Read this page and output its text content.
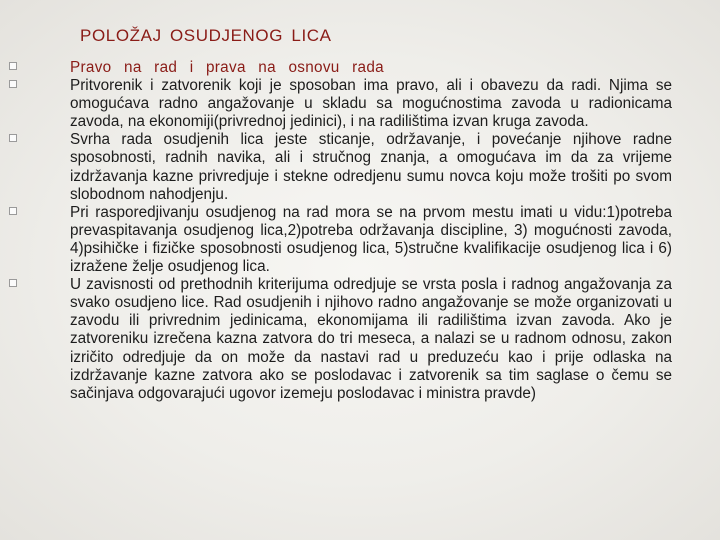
POLOŽAJ OSUDJENOG LICA
Pravo na rad i prava na osnovu rada
Pritvorenik i zatvorenik koji je sposoban ima pravo, ali i obavezu da radi. Njima se omogućava radno angažovanje u skladu sa mogućnostima zavoda u radionicama zavoda, na ekonomiji(privrednoj jedinici), i na radilištima izvan kruga zavoda.
Svrha rada osudjenih lica jeste sticanje, održavanje, i povećanje njihove radne sposobnosti, radnih navika, ali i stručnog znanja, a omogućava im da za vrijeme izdržavanja kazne privredjuje i stekne odredjenu sumu novca koju može trošiti po svom slobodnom nahodjenju.
Pri rasporedjivanju osudjenog na rad mora se na prvom mestu imati u vidu:1)potreba prevaspitavanja osudjenog lica,2)potreba održavanja discipline, 3) mogućnosti zavoda, 4)psihičke i fizičke sposobnosti osudjenog lica, 5)stručne kvalifikacije osudjenog lica i 6) izražene želje osudjenog lica.
U zavisnosti od prethodnih kriterijuma odredjuje se vrsta posla i radnog angažovanja za svako osudjeno lice. Rad osudjenih i njihovo radno angažovanje se može organizovati u zavodu ili privrednim jedinicama, ekonomijama ili radilištima izvan zavoda. Ako je zatvoreniku izrečena kazna zatvora do tri meseca, a nalazi se u radnom odnosu, zakon izričito odredjuje da on može da nastavi rad u preduzeću kao i prije odlaska na izdržavanje kazne zatvora ako se poslodavac i zatvorenik sa tim saglase o čemu se sačinjava odgovarajući ugovor izemeju poslodavac i ministra pravde)
